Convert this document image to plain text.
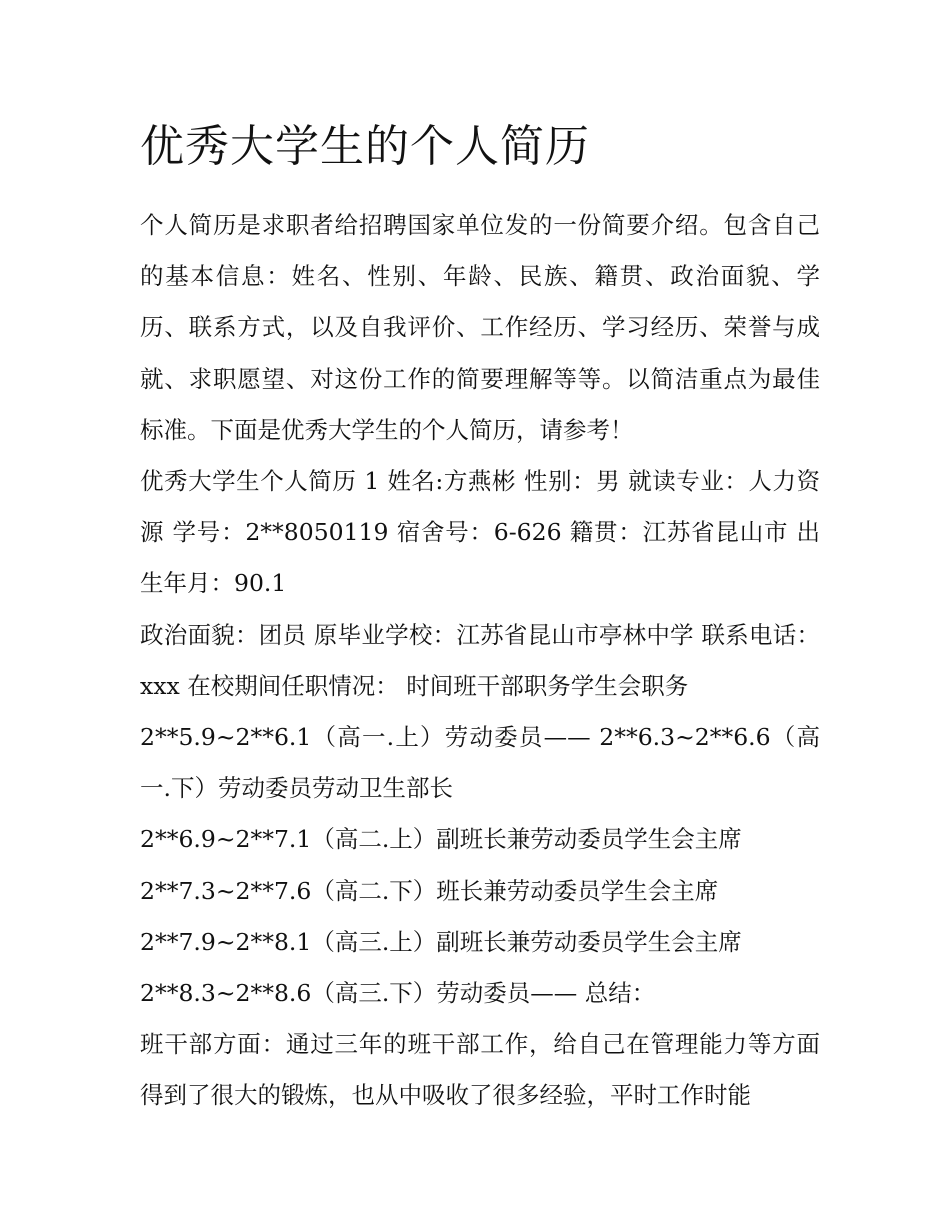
优秀大学生的个人简历

个人简历是求职者给招聘国家单位发的一份简要介绍。包含自己的基本信息：姓名、性别、年龄、民族、籍贯、政治面貌、学历、联系方式，以及自我评价、工作经历、学习经历、荣誉与成就、求职愿望、对这份工作的简要理解等等。以简洁重点为最佳标准。下面是优秀大学生的个人简历，请参考！

优秀大学生个人简历 1 姓名:方燕彬 性别：男 就读专业：人力资源 学号：2**8050119 宿舍号：6-626 籍贯：江苏省昆山市 出生年月：90.1

政治面貌：团员 原毕业学校：江苏省昆山市亭林中学 联系电话：xxx 在校期间任职情况： 时间班干部职务学生会职务

2**5.9~2**6.1（高一.上）劳动委员—— 2**6.3~2**6.6（高一.下）劳动委员劳动卫生部长

2**6.9~2**7.1（高二.上）副班长兼劳动委员学生会主席

2**7.3~2**7.6（高二.下）班长兼劳动委员学生会主席

2**7.9~2**8.1（高三.上）副班长兼劳动委员学生会主席

2**8.3~2**8.6（高三.下）劳动委员—— 总结：

班干部方面：通过三年的班干部工作，给自己在管理能力等方面得到了很大的锻炼，也从中吸收了很多经验，平时工作时能
